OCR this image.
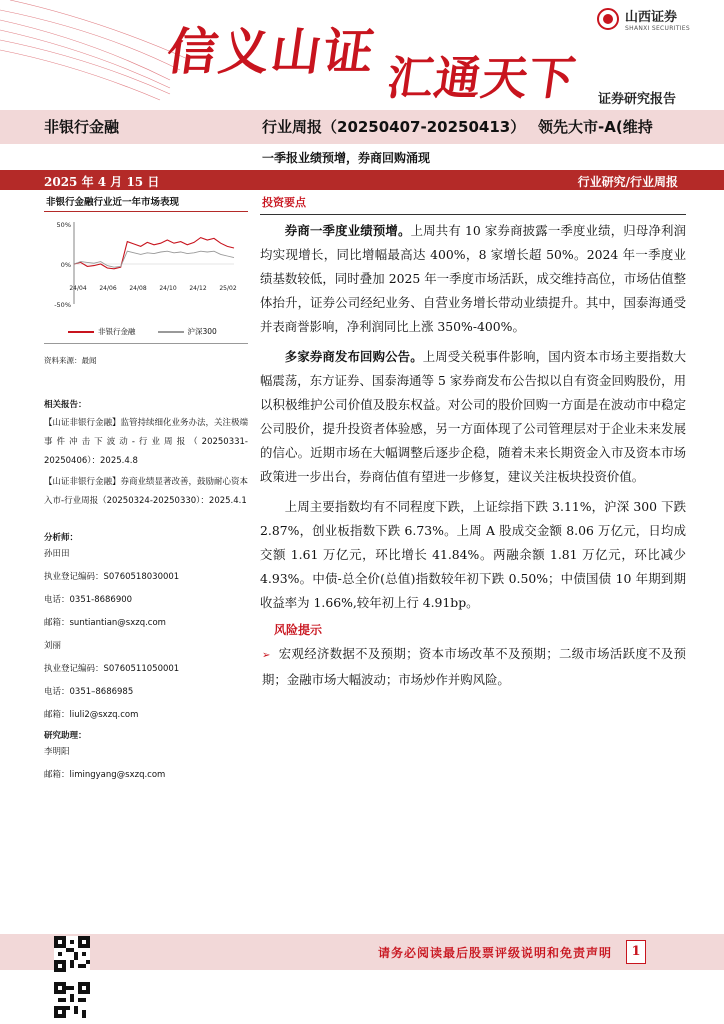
信义山证 汇通天下
山西证券
SHANXI SECURITIES
证券研究报告
非银行金融	行业周报（20250407-20250413） 领先大市-A(维持
一季报业绩预增，券商回购涌现
2025 年 4 月 15 日	行业研究/行业周报
非银行金融行业近一年市场表现
50%
0%
-50%
24/04 24/06 24/08 24/10 24/12 25/02
非银行金融	沪深300
资料来源：最闻
相关报告：
【山证非银行金融】监管持续细化业务办法，关注极端事件冲击下波动-行业周报（20250331-20250406）：2025.4.8
【山证非银行金融】券商业绩显著改善，鼓励耐心资本入市-行业周报（20250324-20250330）：2025.4.1
分析师：
孙田田
执业登记编码：S0760518030001
电话：0351-8686900
邮箱：suntiantian@sxzq.com
刘丽
执业登记编码：S0760511050001
电话：0351–8686985
邮箱：liuli2@sxzq.com
研究助理：
李明阳
邮箱：limingyang@sxzq.com
投资要点

券商一季度业绩预增。上周共有 10 家券商披露一季度业绩，归母净利润均实现增长，同比增幅最高达 400%，8 家增长超 50%。2024 年一季度业绩基数较低，同时叠加 2025 年一季度市场活跃，成交维持高位，市场估值整体抬升，证券公司经纪业务、自营业务增长带动业绩提升。其中，国泰海通受并表商誉影响，净利润同比上涨 350%-400%。

多家券商发布回购公告。上周受关税事件影响，国内资本市场主要指数大幅震荡，东方证券、国泰海通等 5 家券商发布公告拟以自有资金回购股份，用以积极维护公司价值及股东权益。对公司的股价回购一方面是在波动市中稳定公司股价，提升投资者体验感，另一方面体现了公司管理层对于企业未来发展的信心。近期市场在大幅调整后逐步企稳，随着未来长期资金入市及资本市场政策进一步出台，券商估值有望进一步修复，建议关注板块投资价值。

上周主要指数均有不同程度下跌，上证综指下跌 3.11%，沪深 300 下跌 2.87%，创业板指数下跌 6.73%。上周 A 股成交金额 8.06 万亿元，日均成交额 1.61 万亿元，环比增长 41.84%。两融余额 1.81 万亿元，环比减少 4.93%。中债-总全价(总值)指数较年初下跌 0.50%；中债国债 10 年期到期收益率为 1.66%,较年初上行 4.91bp。

风险提示
➢ 宏观经济数据不及预期；资本市场改革不及预期；二级市场活跃度不及预期；金融市场大幅波动；市场炒作并购风险。
请务必阅读最后股票评级说明和免责声明	1
